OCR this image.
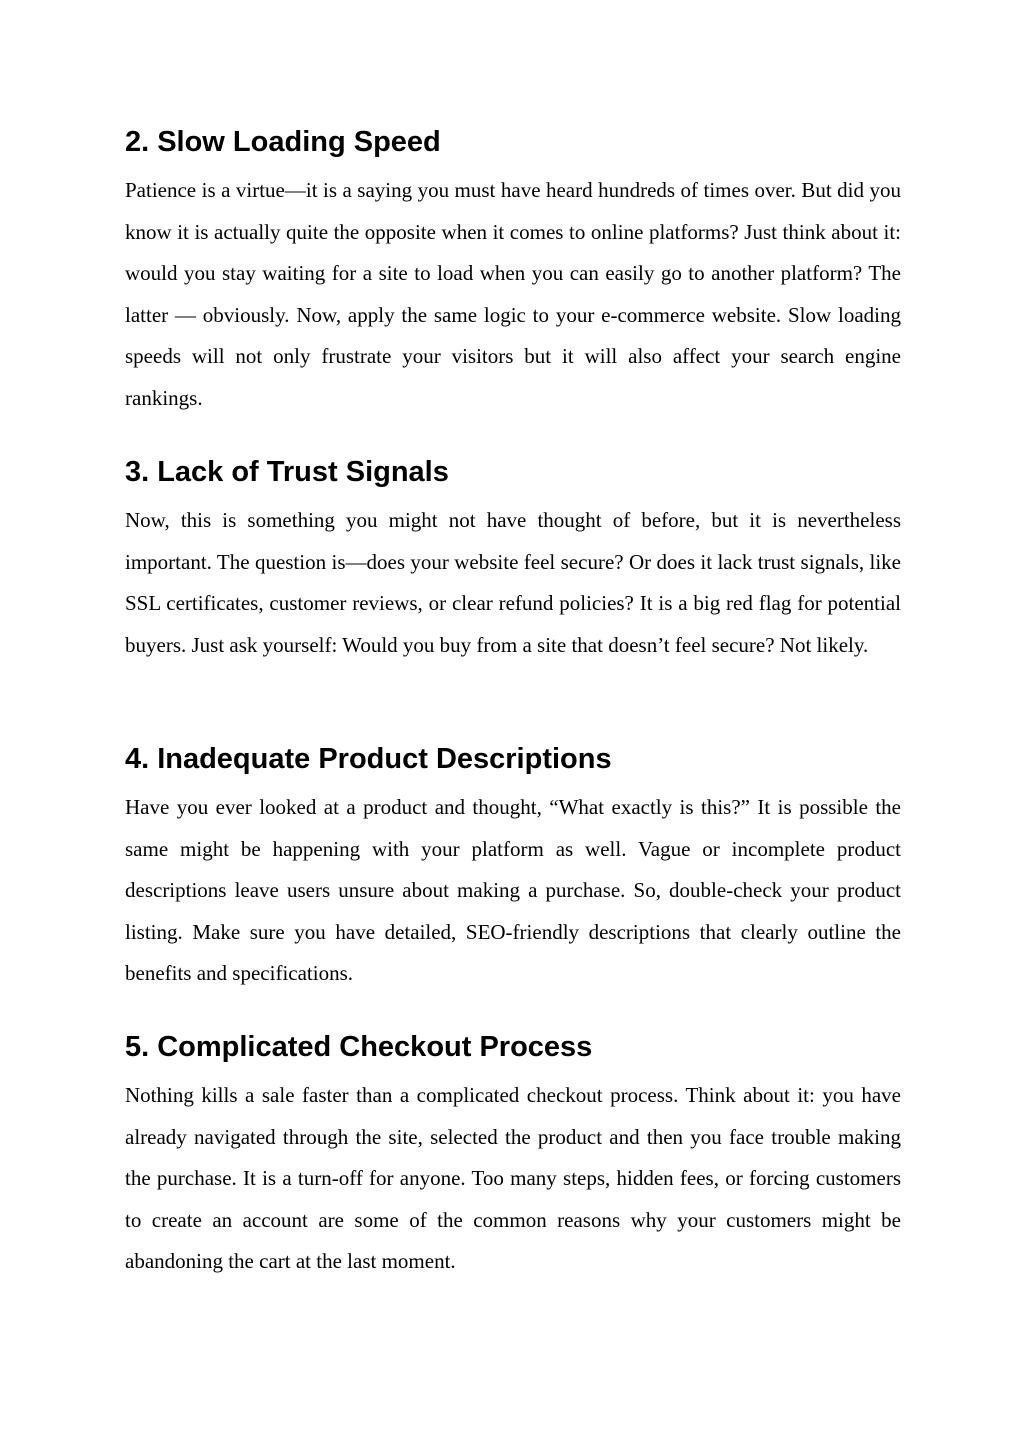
2. Slow Loading Speed

Patience is a virtue—it is a saying you must have heard hundreds of times over. But did you know it is actually quite the opposite when it comes to online platforms? Just think about it: would you stay waiting for a site to load when you can easily go to another platform? The latter — obviously. Now, apply the same logic to your e-commerce website. Slow loading speeds will not only frustrate your visitors but it will also affect your search engine rankings.

3. Lack of Trust Signals

Now, this is something you might not have thought of before, but it is nevertheless important. The question is—does your website feel secure? Or does it lack trust signals, like SSL certificates, customer reviews, or clear refund policies? It is a big red flag for potential buyers. Just ask yourself: Would you buy from a site that doesn’t feel secure? Not likely.

4. Inadequate Product Descriptions

Have you ever looked at a product and thought, “What exactly is this?” It is possible the same might be happening with your platform as well. Vague or incomplete product descriptions leave users unsure about making a purchase. So, double-check your product listing. Make sure you have detailed, SEO-friendly descriptions that clearly outline the benefits and specifications.

5. Complicated Checkout Process

Nothing kills a sale faster than a complicated checkout process. Think about it: you have already navigated through the site, selected the product and then you face trouble making the purchase. It is a turn-off for anyone. Too many steps, hidden fees, or forcing customers to create an account are some of the common reasons why your customers might be abandoning the cart at the last moment.
